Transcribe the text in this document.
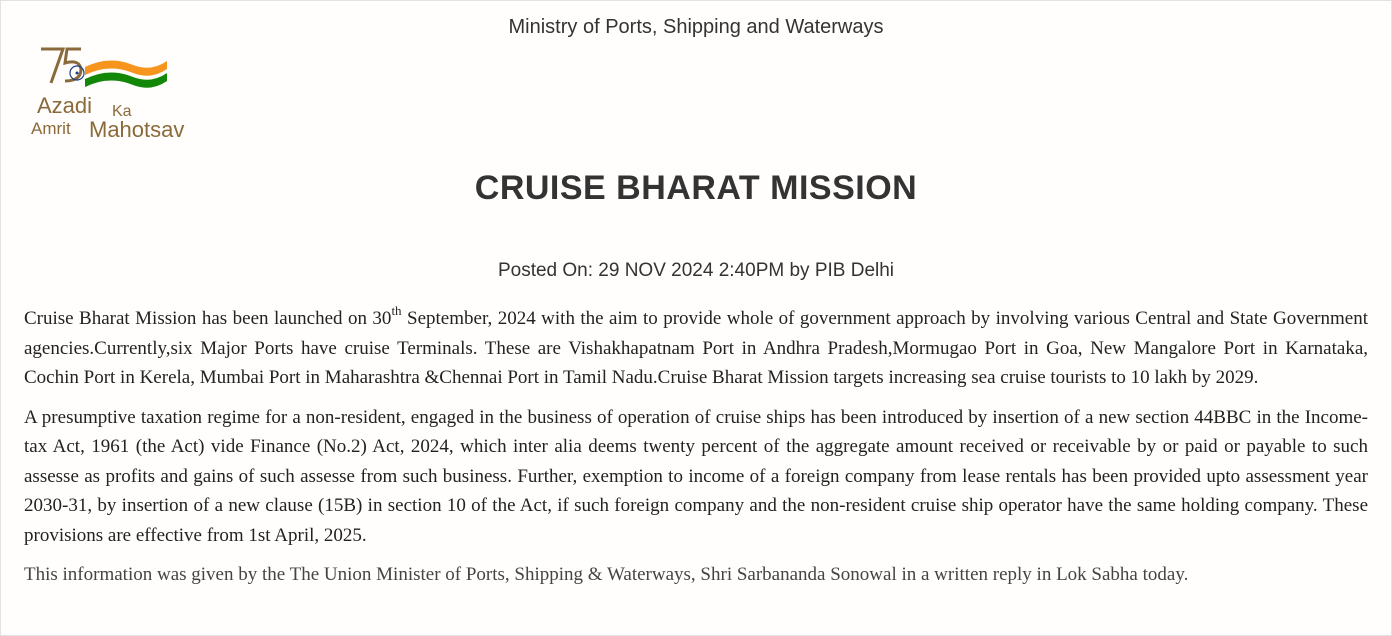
Ministry of Ports, Shipping and Waterways
Azadi Ka
Amrit Mahotsav
CRUISE BHARAT MISSION
Posted On: 29 NOV 2024 2:40PM by PIB Delhi

Cruise Bharat Mission has been launched on 30th September, 2024 with the aim to provide whole of government approach by involving various Central and State Government agencies.Currently,six Major Ports have cruise Terminals. These are Vishakhapatnam Port in Andhra Pradesh,Mormugao Port in Goa, New Mangalore Port in Karnataka, Cochin Port in Kerela, Mumbai Port in Maharashtra &Chennai Port in Tamil Nadu.Cruise Bharat Mission targets increasing sea cruise tourists to 10 lakh by 2029.

A presumptive taxation regime for a non-resident, engaged in the business of operation of cruise ships has been introduced by insertion of a new section 44BBC in the Income-tax Act, 1961 (the Act) vide Finance (No.2) Act, 2024, which inter alia deems twenty percent of the aggregate amount received or receivable by or paid or payable to such assesse as profits and gains of such assesse from such business. Further, exemption to income of a foreign company from lease rentals has been provided upto assessment year 2030-31, by insertion of a new clause (15B) in section 10 of the Act, if such foreign company and the non-resident cruise ship operator have the same holding company. These provisions are effective from 1st April, 2025.

This information was given by the The Union Minister of Ports, Shipping & Waterways, Shri Sarbananda Sonowal in a written reply in Lok Sabha today.
